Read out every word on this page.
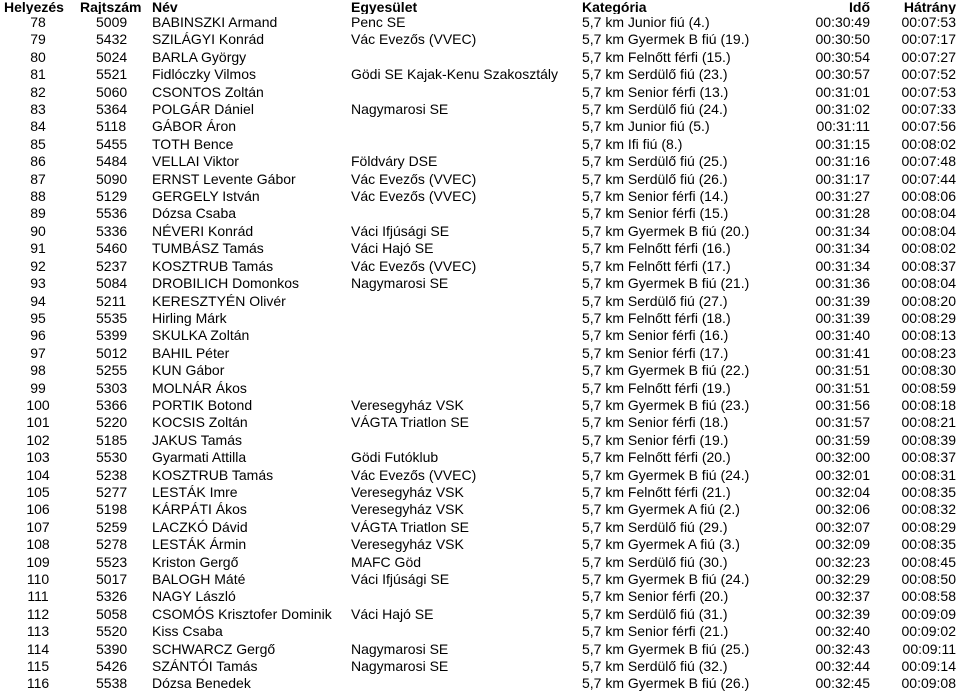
Helyezés	Rajtszám	Név	Egyesület	Kategória	Idő	Hátrány
78	5009	BABINSZKI Armand	Penc SE	5,7 km Junior fiú (4.)	00:30:49	00:07:53
79	5432	SZILÁGYI Konrád	Vác Evezős (VVEC)	5,7 km Gyermek B fiú (19.)	00:30:50	00:07:17
80	5024	BARLA György		5,7 km Felnőtt férfi (15.)	00:30:54	00:07:27
81	5521	Fidlóczky Vilmos	Gödi SE Kajak-Kenu Szakosztály	5,7 km Serdülő fiú (23.)	00:30:57	00:07:52
82	5060	CSONTOS Zoltán		5,7 km Senior férfi (13.)	00:31:01	00:07:53
83	5364	POLGÁR Dániel	Nagymarosi SE	5,7 km Serdülő fiú (24.)	00:31:02	00:07:33
84	5118	GÁBOR Áron		5,7 km Junior fiú (5.)	00:31:11	00:07:56
85	5455	TOTH Bence		5,7 km Ifi fiú (8.)	00:31:15	00:08:02
86	5484	VELLAI Viktor	Földváry DSE	5,7 km Serdülő fiú (25.)	00:31:16	00:07:48
87	5090	ERNST Levente Gábor	Vác Evezős (VVEC)	5,7 km Serdülő fiú (26.)	00:31:17	00:07:44
88	5129	GERGELY István	Vác Evezős (VVEC)	5,7 km Senior férfi (14.)	00:31:27	00:08:06
89	5536	Dózsa Csaba		5,7 km Senior férfi (15.)	00:31:28	00:08:04
90	5336	NÉVERI Konrád	Váci Ifjúsági SE	5,7 km Gyermek B fiú (20.)	00:31:34	00:08:04
91	5460	TUMBÁSZ Tamás	Váci Hajó SE	5,7 km Felnőtt férfi (16.)	00:31:34	00:08:02
92	5237	KOSZTRUB Tamás	Vác Evezős (VVEC)	5,7 km Felnőtt férfi (17.)	00:31:34	00:08:37
93	5084	DROBILICH Domonkos	Nagymarosi SE	5,7 km Gyermek B fiú (21.)	00:31:36	00:08:04
94	5211	KERESZTYÉN Olivér		5,7 km Serdülő fiú (27.)	00:31:39	00:08:20
95	5535	Hirling Márk		5,7 km Felnőtt férfi (18.)	00:31:39	00:08:29
96	5399	SKULKA Zoltán		5,7 km Senior férfi (16.)	00:31:40	00:08:13
97	5012	BAHIL Péter		5,7 km Senior férfi (17.)	00:31:41	00:08:23
98	5255	KUN Gábor		5,7 km Gyermek B fiú (22.)	00:31:51	00:08:30
99	5303	MOLNÁR Ákos		5,7 km Felnőtt férfi (19.)	00:31:51	00:08:59
100	5366	PORTIK Botond	Veresegyház VSK	5,7 km Gyermek B fiú (23.)	00:31:56	00:08:18
101	5220	KOCSIS Zoltán	VÁGTA Triatlon SE	5,7 km Senior férfi (18.)	00:31:57	00:08:21
102	5185	JAKUS Tamás		5,7 km Senior férfi (19.)	00:31:59	00:08:39
103	5530	Gyarmati Attilla	Gödi Futóklub	5,7 km Felnőtt férfi (20.)	00:32:00	00:08:37
104	5238	KOSZTRUB Tamás	Vác Evezős (VVEC)	5,7 km Gyermek B fiú (24.)	00:32:01	00:08:31
105	5277	LESTÁK Imre	Veresegyház VSK	5,7 km Felnőtt férfi (21.)	00:32:04	00:08:35
106	5198	KÁRPÁTI Ákos	Veresegyház VSK	5,7 km Gyermek A fiú (2.)	00:32:06	00:08:32
107	5259	LACZKÓ Dávid	VÁGTA Triatlon SE	5,7 km Serdülő fiú (29.)	00:32:07	00:08:29
108	5278	LESTÁK Ármin	Veresegyház VSK	5,7 km Gyermek A fiú (3.)	00:32:09	00:08:35
109	5523	Kriston Gergő	MAFC Göd	5,7 km Serdülő fiú (30.)	00:32:23	00:08:45
110	5017	BALOGH Máté	Váci Ifjúsági SE	5,7 km Gyermek B fiú (24.)	00:32:29	00:08:50
111	5326	NAGY László		5,7 km Senior férfi (20.)	00:32:37	00:08:58
112	5058	CSOMÓS Krisztofer Dominik	Váci Hajó SE	5,7 km Serdülő fiú (31.)	00:32:39	00:09:09
113	5520	Kiss Csaba		5,7 km Senior férfi (21.)	00:32:40	00:09:02
114	5390	SCHWARCZ Gergő	Nagymarosi SE	5,7 km Gyermek B fiú (25.)	00:32:43	00:09:11
115	5426	SZÁNTÓI Tamás	Nagymarosi SE	5,7 km Serdülő fiú (32.)	00:32:44	00:09:14
116	5538	Dózsa Benedek		5,7 km Gyermek B fiú (26.)	00:32:45	00:09:08
